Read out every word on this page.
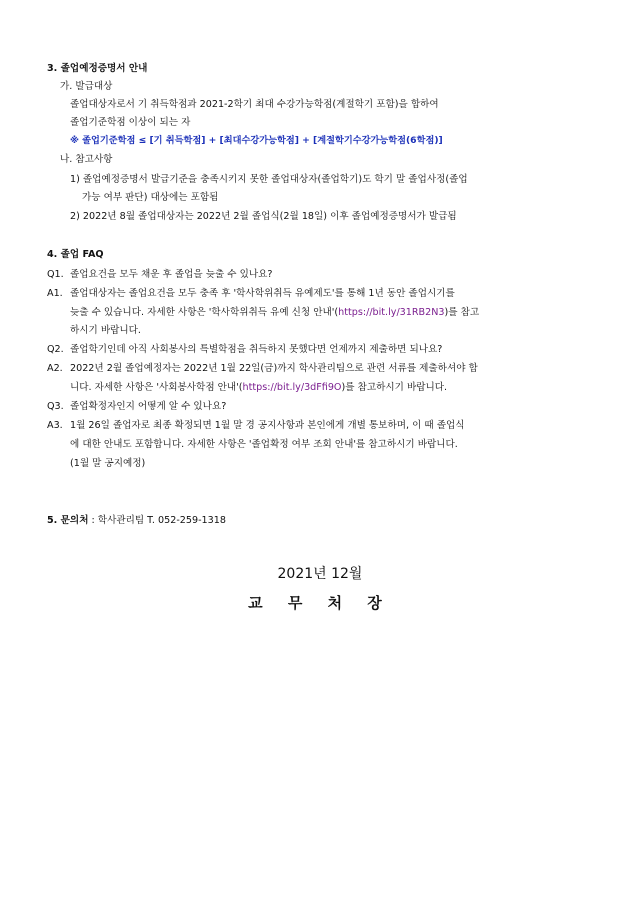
3. 졸업예정증명서 안내
가. 발급대상
졸업대상자로서 기 취득학점과 2021-2학기 최대 수강가능학점(계절학기 포함)을 합하여
졸업기준학점 이상이 되는 자
※ 졸업기준학점 ≤ [기 취득학점] + [최대수강가능학점] + [계절학기수강가능학점(6학점)]
나. 참고사항
1) 졸업예정증명서 발급기준을 충족시키지 못한 졸업대상자(졸업학기)도 학기 말 졸업사정(졸업
가능 여부 판단) 대상에는 포함됨
2) 2022년 8월 졸업대상자는 2022년 2월 졸업식(2월 18일) 이후 졸업예정증명서가 발급됨
4. 졸업 FAQ
Q1. 졸업요건을 모두 채운 후 졸업을 늦출 수 있나요?
A1. 졸업대상자는 졸업요건을 모두 충족 후 '학사학위취득 유예제도'를 통해 1년 동안 졸업시기를
늦출 수 있습니다. 자세한 사항은 '학사학위취득 유예 신청 안내'(https://bit.ly/31RB2N3)를 참고
하시기 바랍니다.
Q2. 졸업학기인데 아직 사회봉사의 특별학점을 취득하지 못했다면 언제까지 제출하면 되나요?
A2. 2022년 2월 졸업예정자는 2022년 1월 22일(금)까지 학사관리팀으로 관련 서류를 제출하셔야 합
니다. 자세한 사항은 '사회봉사학점 안내'(https://bit.ly/3dFfi9O)를 참고하시기 바랍니다.
Q3. 졸업확정자인지 어떻게 알 수 있나요?
A3. 1월 26일 졸업자로 최종 확정되면 1월 말 경 공지사항과 본인에게 개별 통보하며, 이 때 졸업식
에 대한 안내도 포함합니다. 자세한 사항은 '졸업확정 여부 조회 안내'를 참고하시기 바랍니다.
(1월 말 공지예정)
5. 문의처 : 학사관리팀 T. 052-259-1318
2021년 12월
교 무 처 장
